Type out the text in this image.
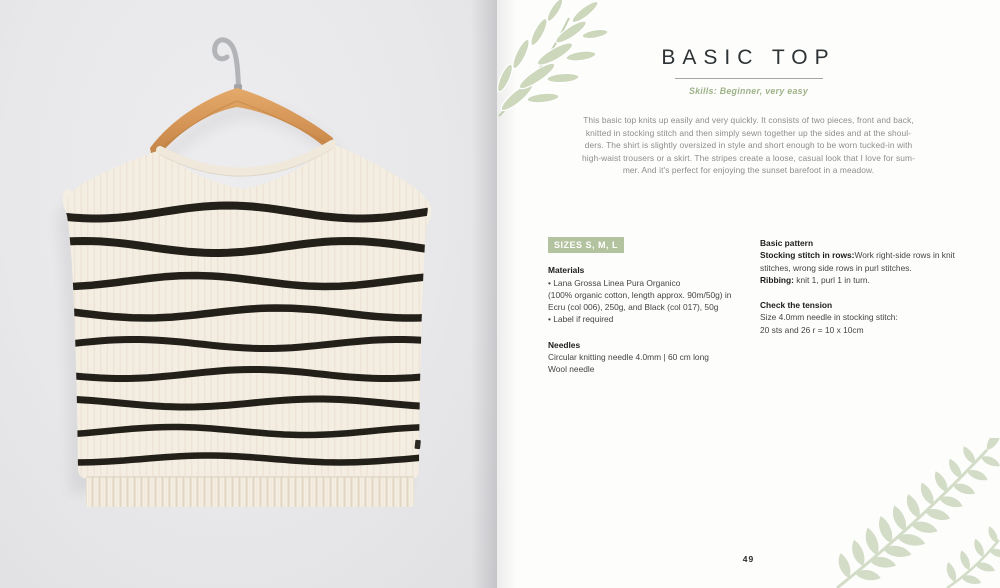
BASIC TOP
Skills: Beginner, very easy
This basic top knits up easily and very quickly. It consists of two pieces, front and back,
knitted in stocking stitch and then simply sewn together up the sides and at the shoul-
ders. The shirt is slightly oversized in style and short enough to be worn tucked-in with
high-waist trousers or a skirt. The stripes create a loose, casual look that I love for sum-
mer. And it's perfect for enjoying the sunset barefoot in a meadow.
SIZES S, M, L
Materials
• Lana Grossa Linea Pura Organico
(100% organic cotton, length approx. 90m/50g) in
Ecru (col 006), 250g, and Black (col 017), 50g
• Label if required
Needles
Circular knitting needle 4.0mm | 60 cm long
Wool needle
Basic pattern
Stocking stitch in rows:Work right-side rows in knit stitches, wrong side rows in purl stitches.
Ribbing: knit 1, purl 1 in turn.
Check the tension
Size 4.0mm needle in stocking stitch:
20 sts and 26 r = 10 x 10cm
49
